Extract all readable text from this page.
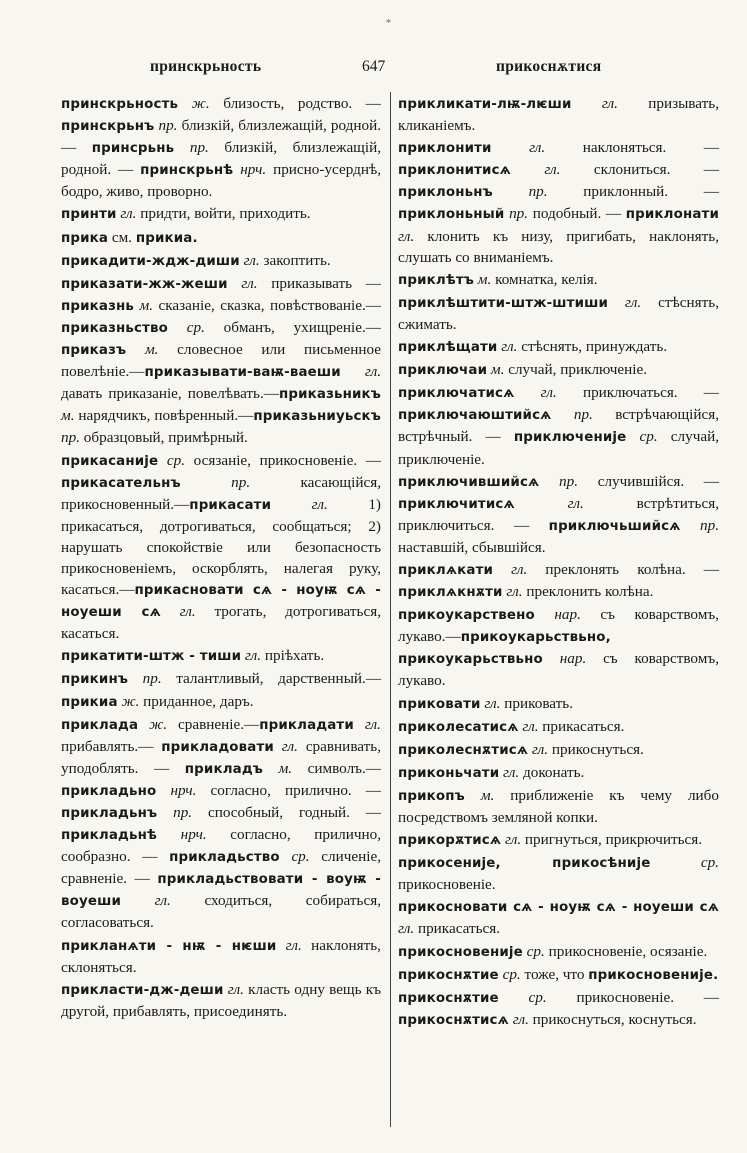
*
принскрьность	647	прикоснѫтися

принскрьность ж. близость, родство. — принскрьнъ пр. близкій, близлежащій, родной. — принсрьнь пр. близкій, близлежащій, родной. — принскрьнѣ нрч. присно-усерднѣ, бодро, живо, проворно.

принти гл. придти, войти, приходить.

прика см. прикиа.

прикадити-ждж-диши гл. закоптить.

приказати-жж-жеши гл. приказывать —приказнь м. сказаніе, сказка, повѣствованіе.—приказньство ср. обманъ, ухищреніе.—приказъ м. словесное или письменное повелѣніе.—приказывати-ваѭ-ваеши гл. давать приказаніе, повелѣвать.—приказьникъ м. нарядчикъ, повѣренный.—приказьниуьскъ пр. образцовый, примѣрный.

прикасаније ср. осязаніе, прикосновеніе. — прикасательнъ пр. касающійся, прикосновенный.—прикасати гл. 1) прикасаться, дотрогиваться, сообщаться; 2) нарушать спокойствіе или безопасность прикосновеніемъ, оскорблять, налегая руку, касаться.—прикасновати сѧ - ноуѭ сѧ - ноуеши сѧ гл. трогать, дотрогиваться, касаться.

прикатити-штж - тиши гл. пріѣхать.

прикинъ пр. талантливый, дарственный.—прикиа ж. приданное, даръ.

приклада ж. сравненіе.—прикладати гл. прибавлять.— прикладовати гл. сравнивать, уподоблять. — прикладъ м. символъ.—прикладьно нрч. согласно, прилично. — прикладьнъ пр. способный, годный. — прикладьнѣ нрч. согласно, прилично, сообразно. — прикладьство ср. сличеніе, сравненіе. — прикладьствовати - воуѭ - воуеши гл. сходиться, собираться, согласоваться.

прикланѧти - нѭ - нѥши гл. наклонять, склоняться.

прикласти-дж-деши гл. класть одну вещь къ другой, прибавлять, присоединять.

прикликати-лѭ-лѥши гл. призывать, кликаніемъ.

приклонити гл. наклоняться. — приклонитисѧ гл. склониться. — приклоньнъ пр. приклонный. — приклоньный пр. подобный. — приклонати гл. клонить къ низу, пригибать, наклонять, слушать со вниманіемъ.

приклѣтъ м. комнатка, келія.

приклѣштити-штж-штиши гл. стѣснять, сжимать.

приклѣщати гл. стѣснять, принуждать.

приключаи м. случай, приключеніе.

приключатисѧ гл. приключаться. — приключаюштийсѧ пр. встрѣчающійся, встрѣчный. — приключеније ср. случай, приключеніе.

приключившийсѧ пр. случившійся. — приключитисѧ гл. встрѣтиться, приключиться. — приключьшийсѧ пр. наставшій, сбывшійся.

приклѧкати гл. преклонять колѣна. —приклѧкнѫти гл. преклонить колѣна.

прикоукарствено нар. съ коварствомъ, лукаво.—прикоукарьствьно, прикоукарьствьно нар. съ коварствомъ, лукаво.

приковати гл. приковать.

приколесатисѧ гл. прикасаться.

приколеснѫтисѧ гл. прикоснуться.

приконьчати гл. доконать.

прикопъ м. приближеніе къ чему либо посредствомъ земляной копки.

прикорѫтисѧ гл. пригнуться, прикрючиться.

прикосеније, прикосѣније ср. прикосновеніе.

прикосновати сѧ - ноуѭ сѧ - ноуеши сѧ гл. прикасаться.

прикосновеније ср. прикосновеніе, осязаніе.

прикоснѫтие ср. тоже, что прикосновеније.

прикоснѫтие ср. прикосновеніе. — прикоснѫтисѧ гл. прикоснуться, коснуться.
